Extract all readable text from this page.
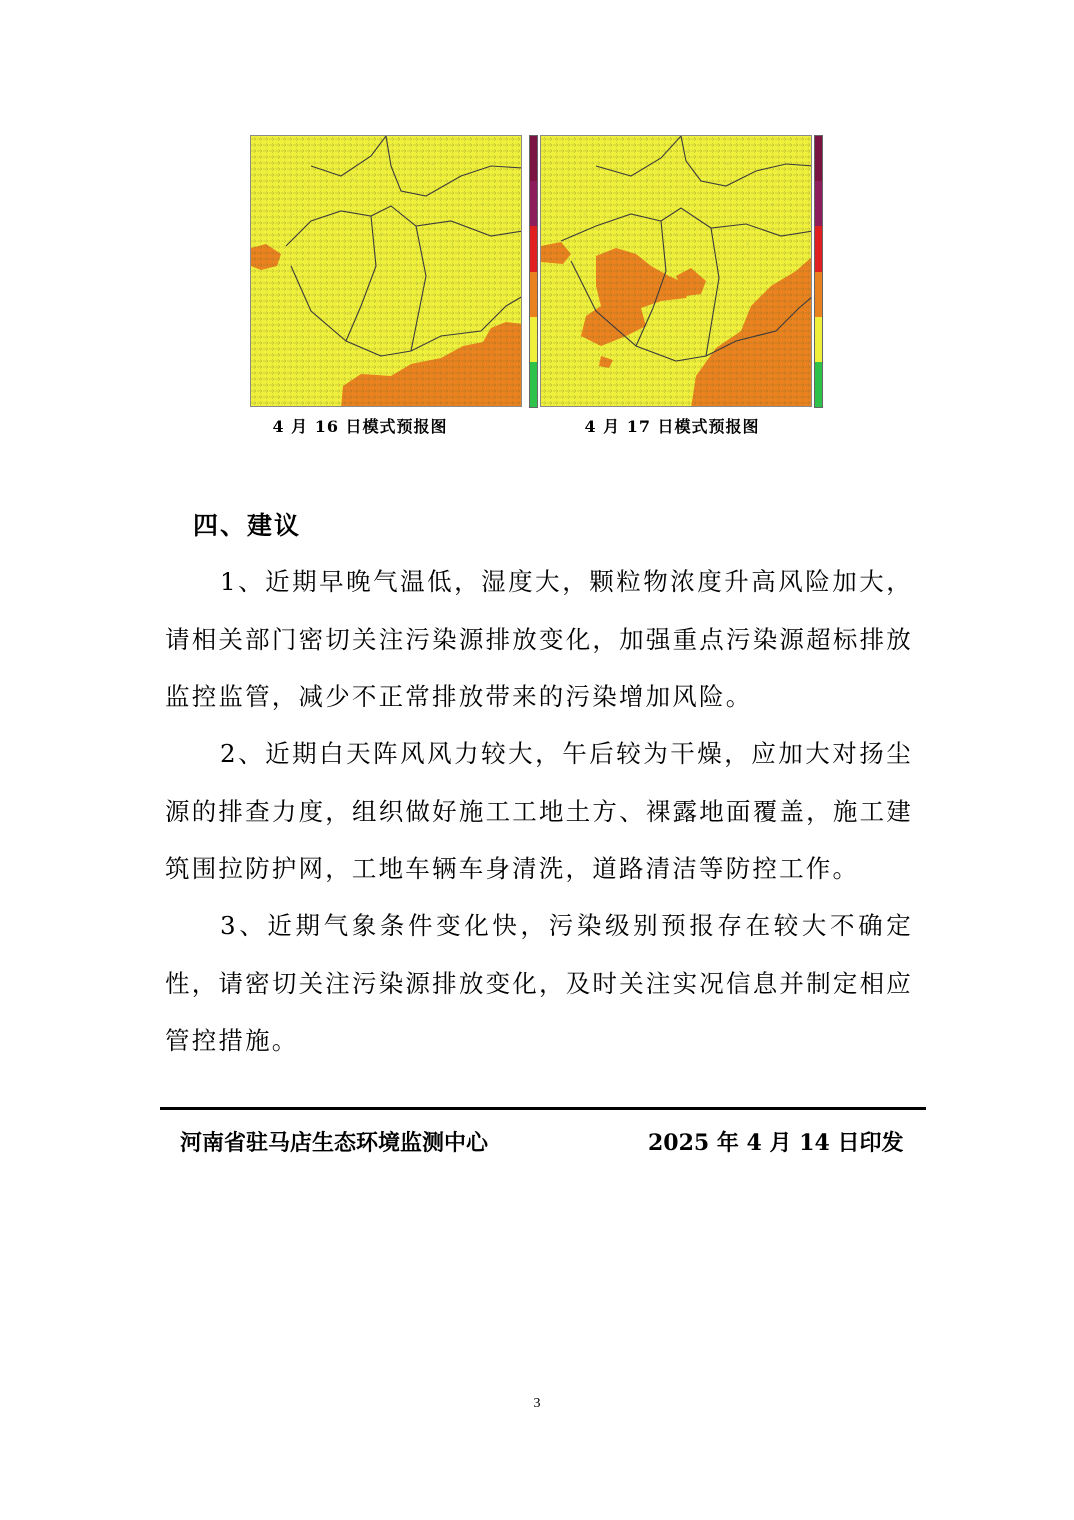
◦
◦
◦
◦
◦
◦
◦
◦
◦
◦
◦
◦
◦
◦
◦
◦
◦
4 月 16 日模式预报图	4 月 17 日模式预报图
四、建议

1、近期早晚气温低，湿度大，颗粒物浓度升高风险加大，请相关部门密切关注污染源排放变化，加强重点污染源超标排放监控监管，减少不正常排放带来的污染增加风险。

2、近期白天阵风风力较大，午后较为干燥，应加大对扬尘源的排查力度，组织做好施工工地土方、裸露地面覆盖，施工建筑围拉防护网，工地车辆车身清洗，道路清洁等防控工作。

3、近期气象条件变化快，污染级别预报存在较大不确定性，请密切关注污染源排放变化，及时关注实况信息并制定相应管控措施。

河南省驻马店生态环境监测中心	2025 年 4 月 14 日印发
3
